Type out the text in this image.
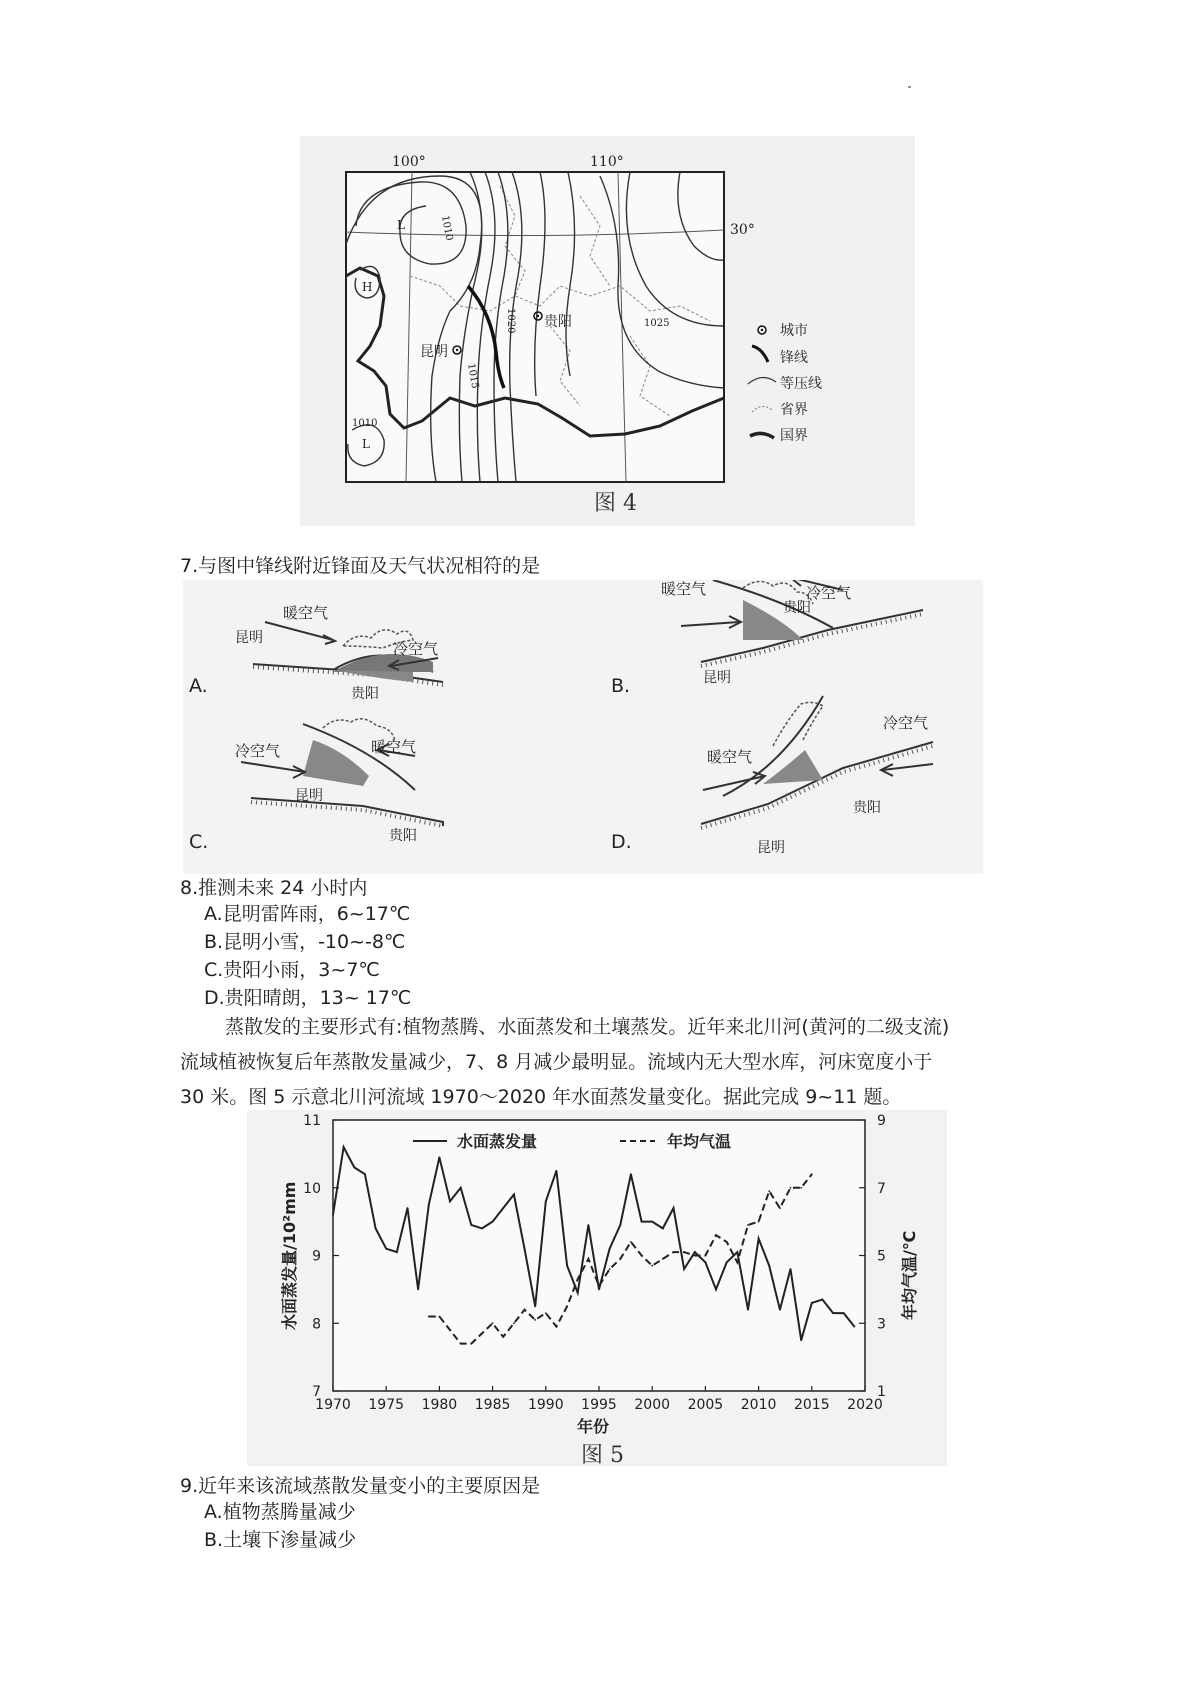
100°	110°
30°
1010
1020
1015
1025
1010
L
H
L
昆明
贵阳
城市
锋线
等压线
省界
国界
图 4
7.与图中锋线附近锋面及天气状况相符的是
暖空气
冷空气
昆明
贵阳
A.
冷空气
暖空气
昆明
贵阳
B.
冷空气	暖空气
昆明
贵阳
C.
冷空气
暖空气
昆明
贵阳
D.
8.推测未来 24 小时内
A.昆明雷阵雨，6~17℃
B.昆明小雪，-10~-8℃
C.贵阳小雨，3~7℃
D.贵阳晴朗，13~ 17℃
蒸散发的主要形式有:植物蒸腾、水面蒸发和土壤蒸发。近年来北川河(黄河的二级支流)
流域植被恢复后年蒸散发量减少，7、8 月减少最明显。流域内无大型水库，河床宽度小于
30 米。图 5 示意北川河流域 1970～2020 年水面蒸发量变化。据此完成 9~11 题。
1970 1975 1980 1985 1990 1995 2000 2005 2010 2015 2020
7
8
9
10
11
1
3
5
7
9
水面蒸发量	年均气温
水面蒸发量/10²mm	年均气温/℃
年份
图 5
9.近年来该流域蒸散发量变小的主要原因是
A.植物蒸腾量减少
B.土壤下渗量减少
